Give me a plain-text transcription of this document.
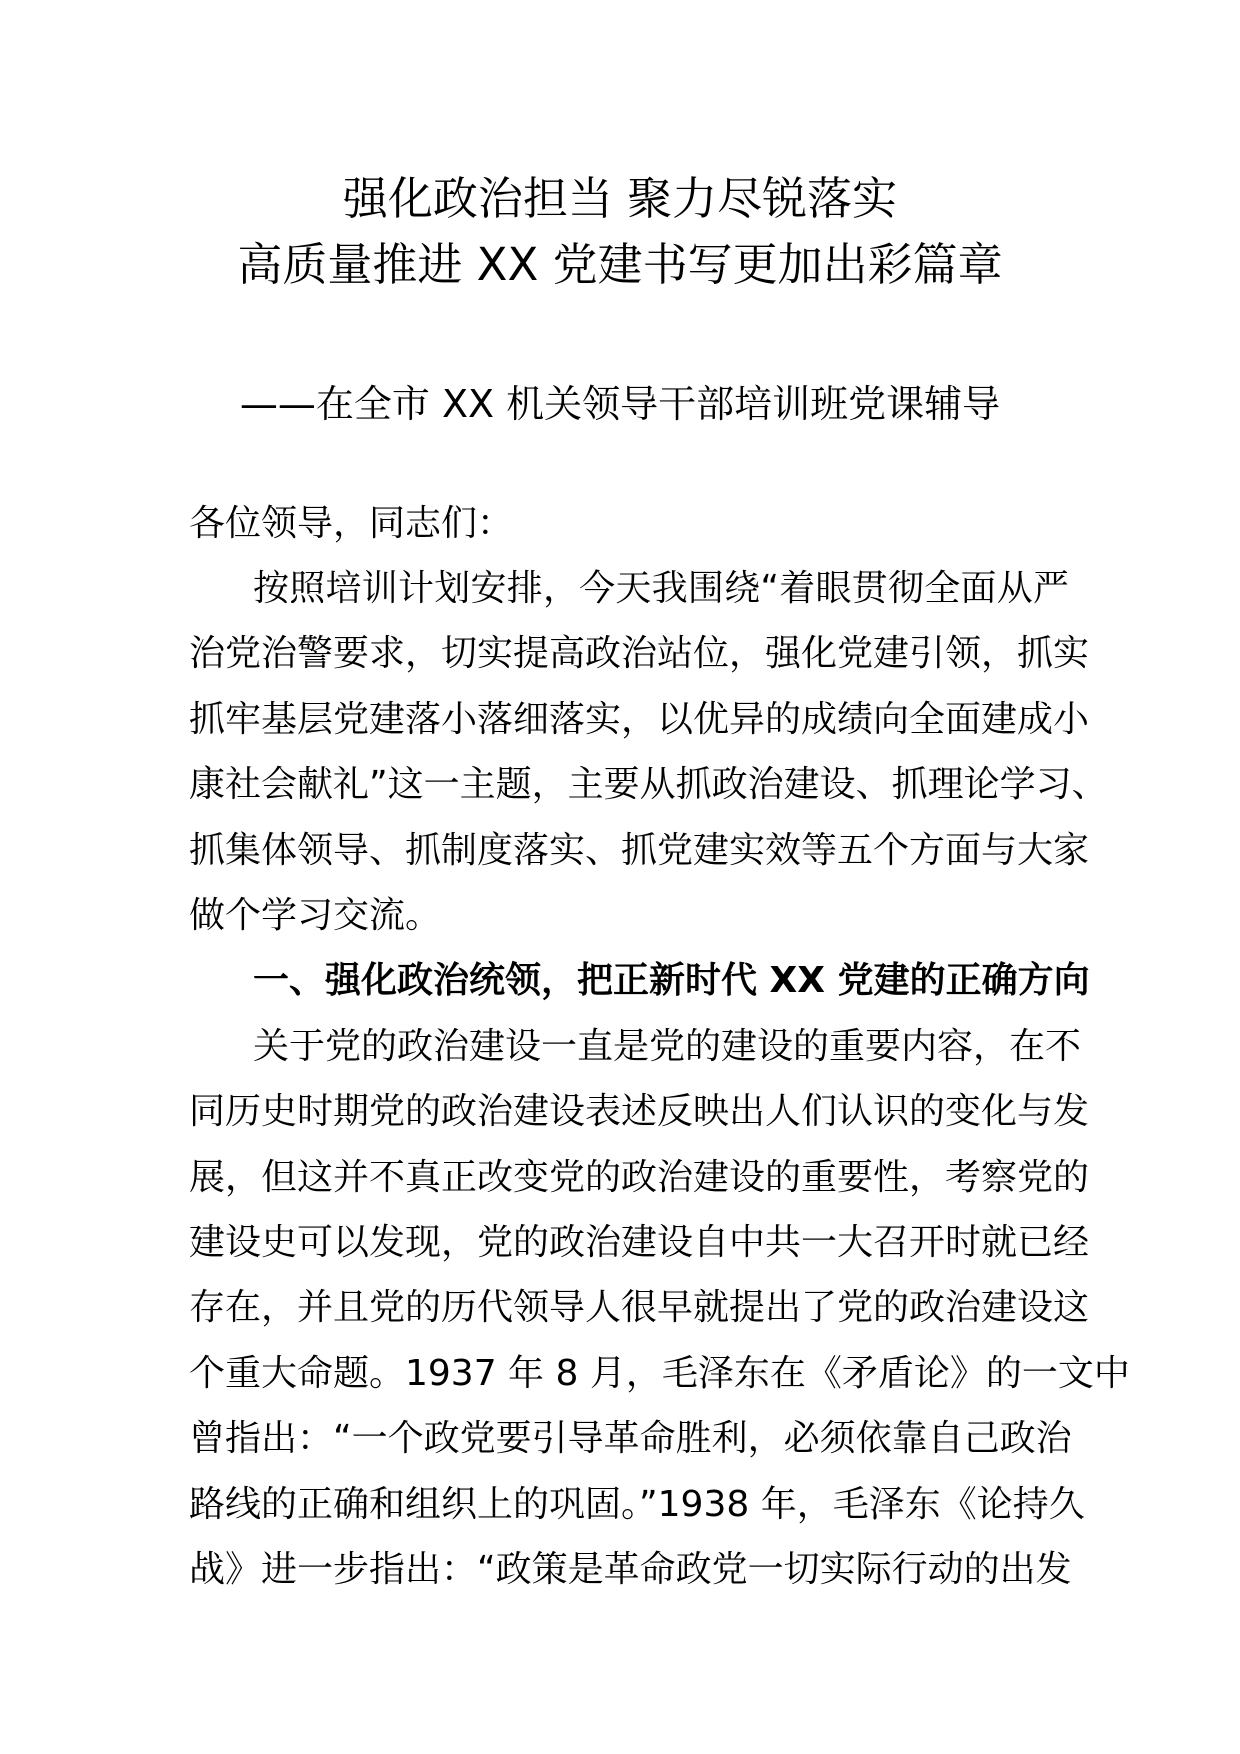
强化政治担当 聚力尽锐落实
高质量推进 XX 党建书写更加出彩篇章
——在全市 XX 机关领导干部培训班党课辅导
各位领导，同志们：
按照培训计划安排，今天我围绕“着眼贯彻全面从严
治党治警要求，切实提高政治站位，强化党建引领，抓实
抓牢基层党建落小落细落实，以优异的成绩向全面建成小
康社会献礼”这一主题，主要从抓政治建设、抓理论学习、
抓集体领导、抓制度落实、抓党建实效等五个方面与大家
做个学习交流。
一、强化政治统领，把正新时代 XX 党建的正确方向
关于党的政治建设一直是党的建设的重要内容，在不
同历史时期党的政治建设表述反映出人们认识的变化与发
展，但这并不真正改变党的政治建设的重要性，考察党的
建设史可以发现，党的政治建设自中共一大召开时就已经
存在，并且党的历代领导人很早就提出了党的政治建设这
个重大命题。1937 年 8 月，毛泽东在《矛盾论》的一文中
曾指出：“一个政党要引导革命胜利，必须依靠自己政治
路线的正确和组织上的巩固。”1938 年，毛泽东《论持久
战》进一步指出：“政策是革命政党一切实际行动的出发
